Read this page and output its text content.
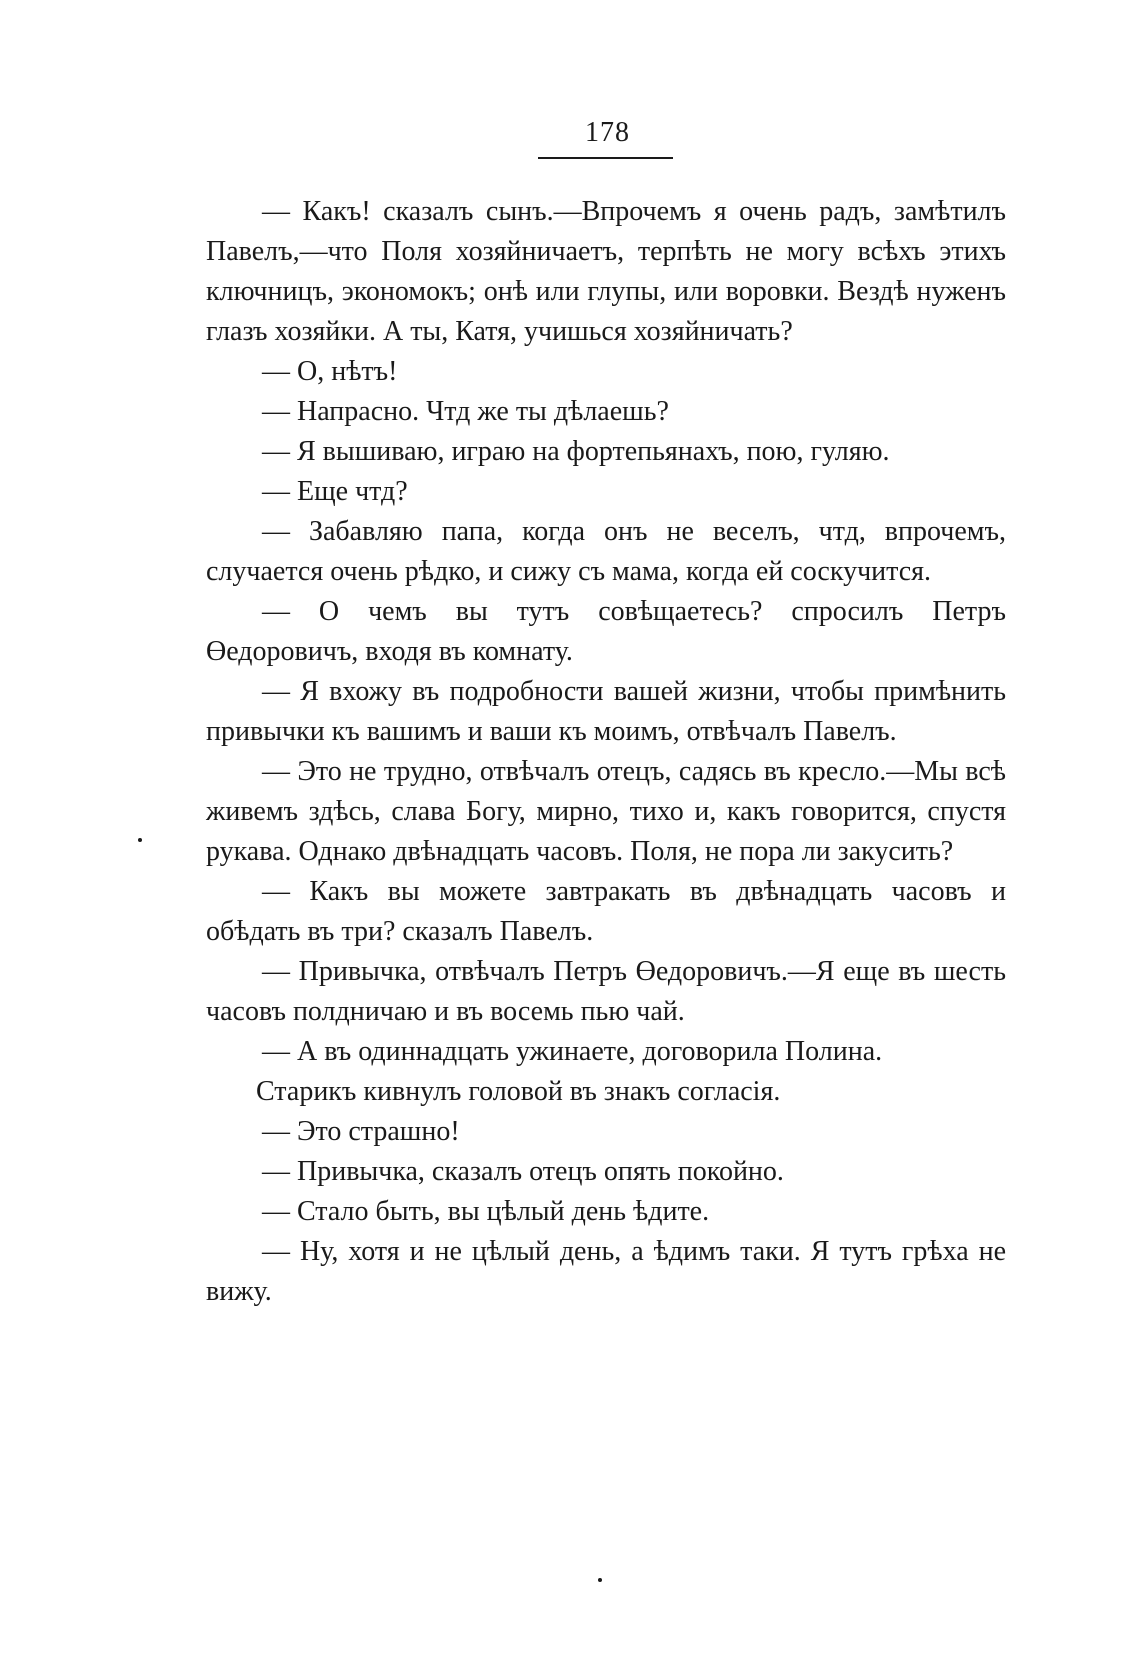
178

— Какъ! сказалъ сынъ.—Впрочемъ я очень радъ, замѣтилъ Павелъ,—что Поля хозяйничаетъ, терпѣть не могу всѣхъ этихъ ключницъ, экономокъ; онѣ или глупы, или воровки. Вездѣ нуженъ глазъ хозяйки. А ты, Катя, учишься хозяйничать?

— О, нѣтъ!

— Напрасно. Чтд же ты дѣлаешь?

— Я вышиваю, играю на фортепьянахъ, пою, гуляю.

— Еще чтд?

— Забавляю папа, когда онъ не веселъ, чтд, впрочемъ, случается очень рѣдко, и сижу съ мама, когда ей соскучится.

— О чемъ вы тутъ совѣщаетесь? спросилъ Петръ Өедоровичъ, входя въ комнату.

— Я вхожу въ подробности вашей жизни, чтобы примѣнить привычки къ вашимъ и ваши къ моимъ, отвѣчалъ Павелъ.

— Это не трудно, отвѣчалъ отецъ, садясь въ кресло.—Мы всѣ живемъ здѣсь, слава Богу, мирно, тихо и, какъ говорится, спустя рукава. Однако двѣнадцать часовъ. Поля, не пора ли закусить?

— Какъ вы можете завтракать въ двѣнадцать часовъ и обѣдать въ три? сказалъ Павелъ.

— Привычка, отвѣчалъ Петръ Өедоровичъ.—Я еще въ шесть часовъ полдничаю и въ восемь пью чай.

— А въ одиннадцать ужинаете, договорила Полина.

Старикъ кивнулъ головой въ знакъ согласія.

— Это страшно!

— Привычка, сказалъ отецъ опять покойно.

— Стало быть, вы цѣлый день ѣдите.

— Ну, хотя и не цѣлый день, а ѣдимъ таки. Я тутъ грѣха не вижу.
